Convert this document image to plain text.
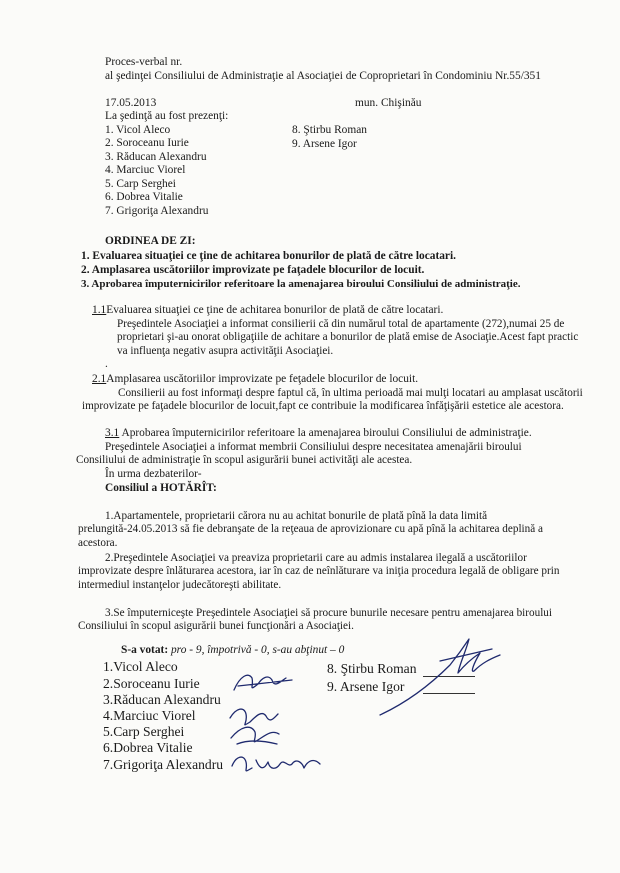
Proces-verbal nr.
al şedinţei Consiliului de Administraţie al Asociaţiei de Coproprietari în Condominiu Nr.55/351
17.05.2013	mun. Chişinău
La şedinţă au fost prezenţi:
1. Vicol Aleco
2. Soroceanu Iurie
3. Răducan Alexandru
4. Marciuc Viorel
5. Carp Serghei
6. Dobrea Vitalie
7. Grigoriţa Alexandru
8. Ştirbu Roman
9. Arsene Igor
ORDINEA DE ZI:
1. Evaluarea situaţiei ce ţine de achitarea bonurilor de plată de către locatari.
2. Amplasarea uscătoriilor improvizate pe faţadele blocurilor de locuit.
3. Aprobarea împuternicirilor referitoare la amenajarea biroului Consiliului de administraţie.
1.1Evaluarea situaţiei ce ţine de achitarea bonurilor de plată de către locatari.
Preşedintele Asociaţiei a informat consilierii că din numărul total de apartamente (272),numai 25 de proprietari şi-au onorat obligaţiile de achitare a bonurilor de plată emise de Asociaţie.Acest fapt practic va influenţa negativ asupra activităţii Asociaţiei.
.
2.1Amplasarea uscătoriilor improvizate pe feţadele blocurilor de locuit.
Consilierii au fost informaţi despre faptul că, în ultima perioadă mai mulţi locatari au amplasat uscătorii improvizate pe faţadele blocurilor de locuit,fapt ce contribuie la modificarea înfăţişării estetice ale acestora.
3.1 Aprobarea împuternicirilor referitoare la amenajarea biroului Consiliului de administraţie.
Preşedintele Asociaţiei a informat membrii Consiliului despre necesitatea amenajării biroului Consiliului de administraţie în scopul asigurării bunei activităţi ale acestea.
În urma dezbaterilor-
Consiliul a HOTĂRÎT:
1.Apartamentele, proprietarii cărora nu au achitat bonurile de plată pînă la data limită prelungită-24.05.2013 să fie debranşate de la reţeaua de aprovizionare cu apă pînă la achitarea deplină a acestora.
2.Preşedintele Asociaţiei va preaviza proprietarii care au admis instalarea ilegală a uscătoriilor improvizate despre înlăturarea acestora, iar în caz de neînlăturare va iniţia procedura legală de obligare prin intermediul instanţelor judecătoreşti abilitate.
3.Se împuterniceşte Preşedintele Asociaţiei să procure bunurile necesare pentru amenajarea biroului Consiliului în scopul asigurării bunei funcţionări a Asociaţiei.
S-a votat: pro - 9, împotrivă - 0, s-au abţinut – 0
1.Vicol Aleco
2.Soroceanu Iurie
3.Răducan Alexandru
4.Marciuc Viorel
5.Carp Serghei
6.Dobrea Vitalie
7.Grigoriţa Alexandru
8. Ştirbu Roman
9. Arsene Igor
